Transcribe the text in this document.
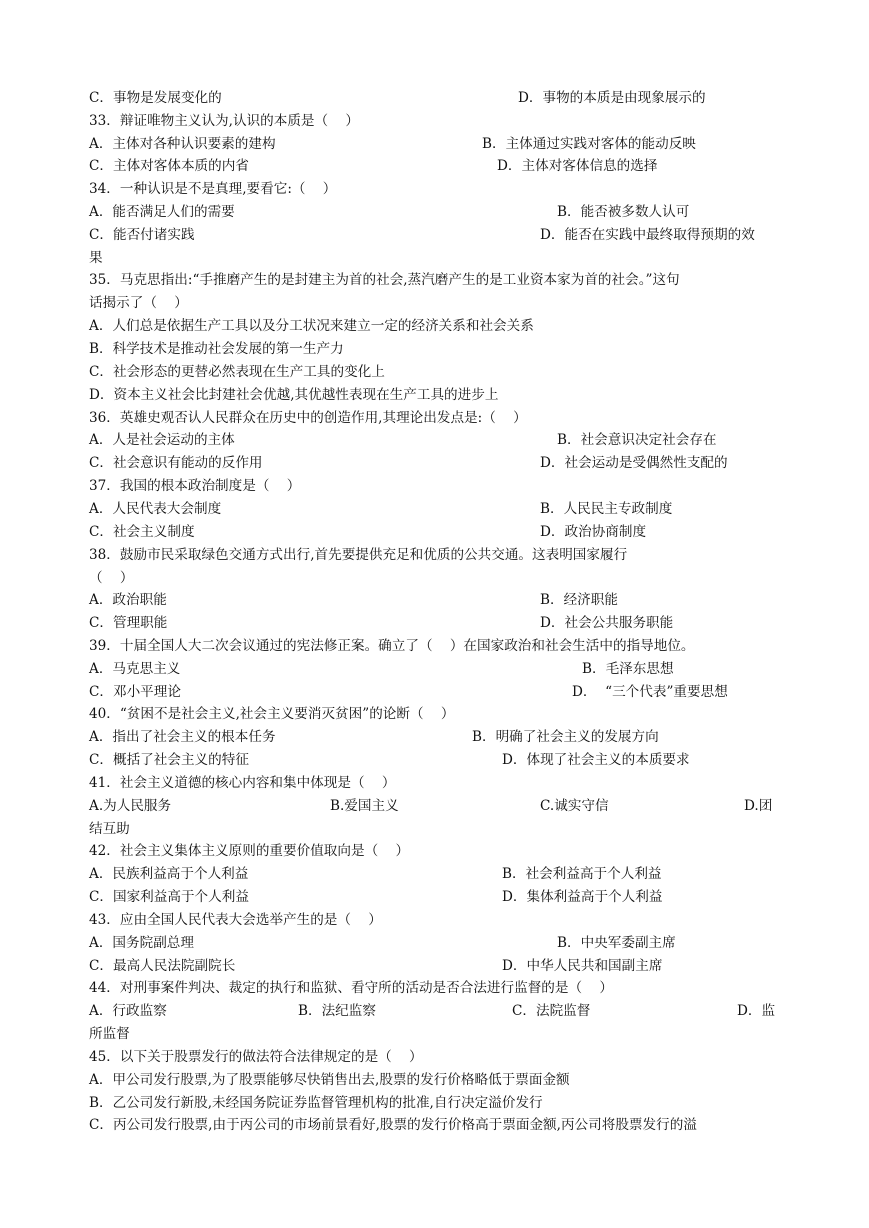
C．事物是发展变化的	D．事物的本质是由现象展示的
33．辩证唯物主义认为,认识的本质是（    ）
A．主体对各种认识要素的建构	B．主体通过实践对客体的能动反映
C．主体对客体本质的内省	D．主体对客体信息的选择
34．一种认识是不是真理,要看它:（    ）
A．能否满足人们的需要	B．能否被多数人认可
C．能否付诸实践	D．能否在实践中最终取得预期的效
果
35．马克思指出:“手推磨产生的是封建主为首的社会,蒸汽磨产生的是工业资本家为首的社会。”这句
话揭示了（    ）
A．人们总是依据生产工具以及分工状况来建立一定的经济关系和社会关系
B．科学技术是推动社会发展的第一生产力
C．社会形态的更替必然表现在生产工具的变化上
D．资本主义社会比封建社会优越,其优越性表现在生产工具的进步上
36．英雄史观否认人民群众在历史中的创造作用,其理论出发点是:（    ）
A．人是社会运动的主体	B．社会意识决定社会存在
C．社会意识有能动的反作用	D．社会运动是受偶然性支配的
37．我国的根本政治制度是（    ）
A．人民代表大会制度	B．人民民主专政制度
C．社会主义制度	D．政治协商制度
38．鼓励市民采取绿色交通方式出行,首先要提供充足和优质的公共交通。这表明国家履行
（    ）
A．政治职能	B．经济职能
C．管理职能	D．社会公共服务职能
39．十届全国人大二次会议通过的宪法修正案。确立了（    ）在国家政治和社会生活中的指导地位。
A．马克思主义	B．毛泽东思想
C．邓小平理论	D．  “三个代表”重要思想
40．“贫困不是社会主义,社会主义要消灭贫困”的论断（    ）
A．指出了社会主义的根本任务	B．明确了社会主义的发展方向
C．概括了社会主义的特征	D．体现了社会主义的本质要求
41．社会主义道德的核心内容和集中体现是（    ）
A.为人民服务	B.爱国主义	C.诚实守信	D.团
结互助
42．社会主义集体主义原则的重要价值取向是（    ）
A．民族利益高于个人利益	B．社会利益高于个人利益
C．国家利益高于个人利益	D．集体利益高于个人利益
43．应由全国人民代表大会选举产生的是（    ）
A．国务院副总理	B．中央军委副主席
C．最高人民法院副院长	D．中华人民共和国副主席
44．对刑事案件判决、裁定的执行和监狱、看守所的活动是否合法进行监督的是（    ）
A．行政监察	B．法纪监察	C．法院监督	D．监
所监督
45．以下关于股票发行的做法符合法律规定的是（    ）
A．甲公司发行股票,为了股票能够尽快销售出去,股票的发行价格略低于票面金额
B．乙公司发行新股,未经国务院证券监督管理机构的批准,自行决定溢价发行
C．丙公司发行股票,由于丙公司的市场前景看好,股票的发行价格高于票面金额,丙公司将股票发行的溢
